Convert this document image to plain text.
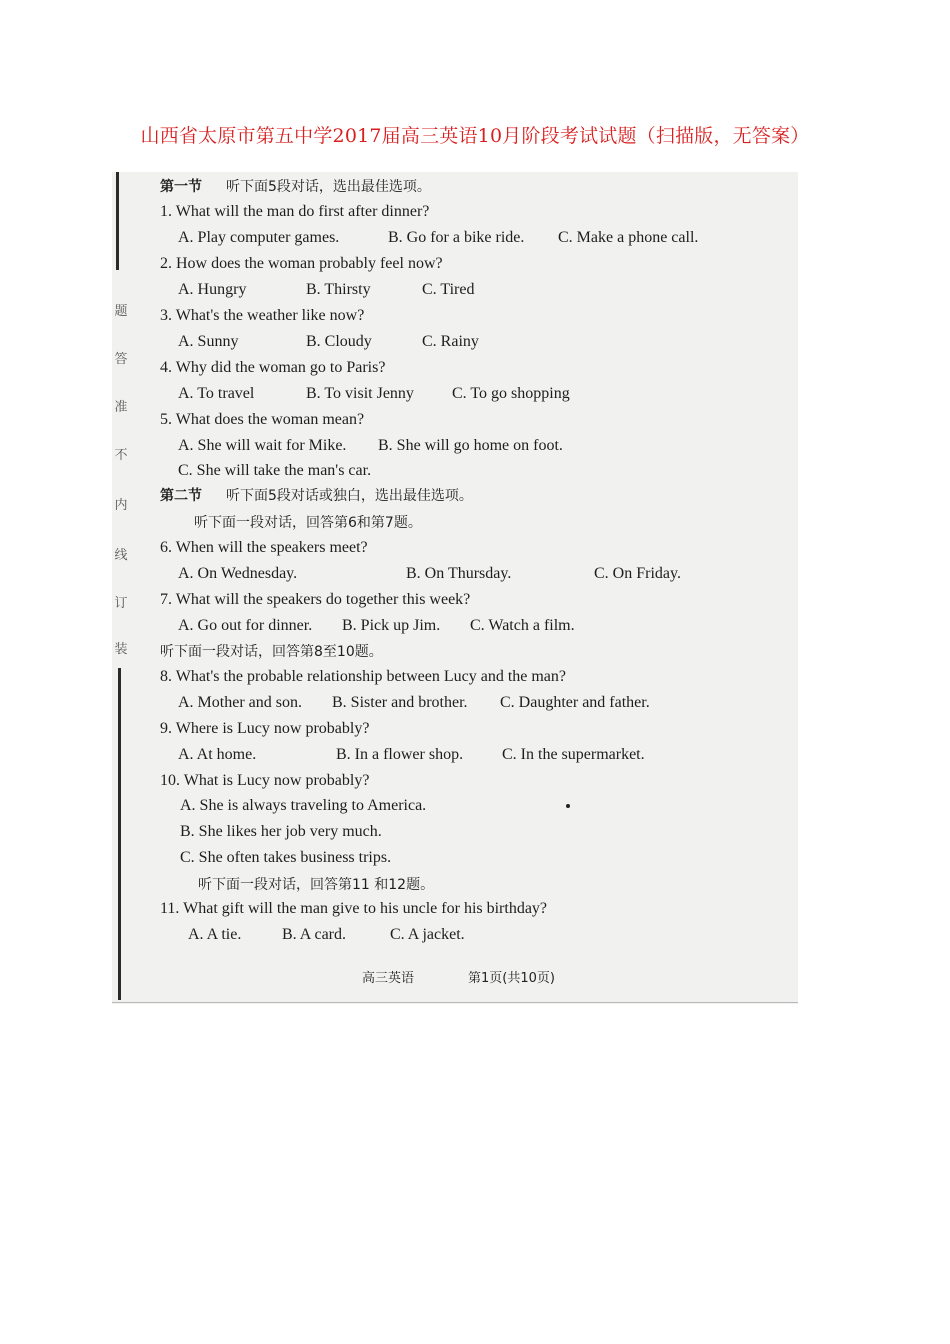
山西省太原市第五中学2017届高三英语10月阶段考试试题（扫描版，无答案）
题
答
准
不
内
线
订
装
第一节 听下面5段对话，选出最佳选项。
1. What will the man do first after dinner?
A. Play computer games.	B. Go for a bike ride. C. Make a phone call.
2. How does the woman probably feel now?
A. Hungry	B. Thirsty	C. Tired
3. What's the weather like now?
A. Sunny	B. Cloudy	C. Rainy
4. Why did the woman go to Paris?
A. To travel	B. To visit Jenny C. To go shopping
5. What does the woman mean?
A. She will wait for Mike. B. She will go home on foot.
C. She will take the man's car.
第二节 听下面5段对话或独白，选出最佳选项。
听下面一段对话，回答第6和第7题。
6. When will the speakers meet?
A. On Wednesday.	B. On Thursday.	C. On Friday.
7. What will the speakers do together this week?
A. Go out for dinner. B. Pick up Jim. C. Watch a film.
听下面一段对话，回答第8至10题。
8. What's the probable relationship between Lucy and the man?
A. Mother and son. B. Sister and brother. C. Daughter and father.
9. Where is Lucy now probably?
A. At home.	B. In a flower shop. C. In the supermarket.
10. What is Lucy now probably?
A. She is always traveling to America.
B. She likes her job very much.
C. She often takes business trips.
听下面一段对话，回答第11 和12题。
11. What gift will the man give to his uncle for his birthday?
A. A tie.	B. A card.	C. A jacket.
高三英语	第1页(共10页)
